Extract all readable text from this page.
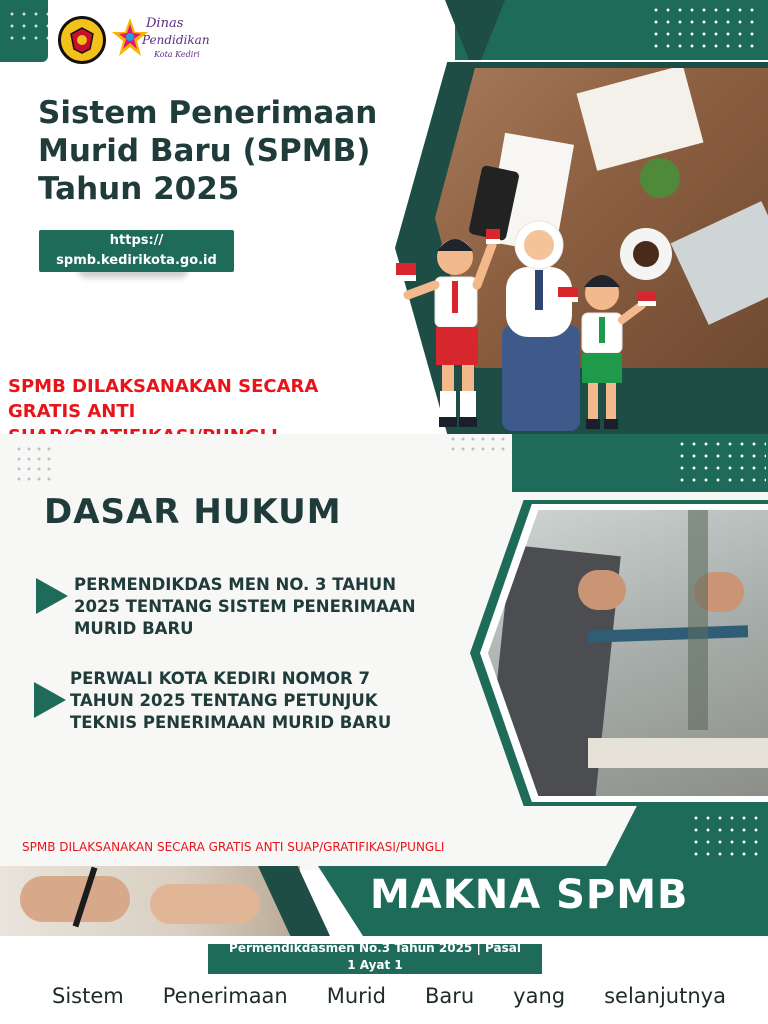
Dinas
Pendidikan
Kota Kediri
Sistem Penerimaan
Murid Baru (SPMB)
Tahun 2025
https://
spmb.kedirikota.go.id
SPMB DILAKSANAKAN SECARA
GRATIS ANTI
DASAR HUKUM
PERMENDIKDAS MEN NO. 3 TAHUN
2025 TENTANG SISTEM PENERIMAAN
MURID BARU
PERWALI KOTA KEDIRI NOMOR 7
TAHUN 2025 TENTANG PETUNJUK
TEKNIS PENERIMAAN MURID BARU
SPMB DILAKSANAKAN SECARA GRATIS ANTI SUAP/GRATIFIKASI/PUNGLI
MAKNA SPMB
Permendikdasmen No.3 Tahun 2025 | Pasal
1 Ayat 1
Sistem Penerimaan Murid Baru yang selanjutnya
